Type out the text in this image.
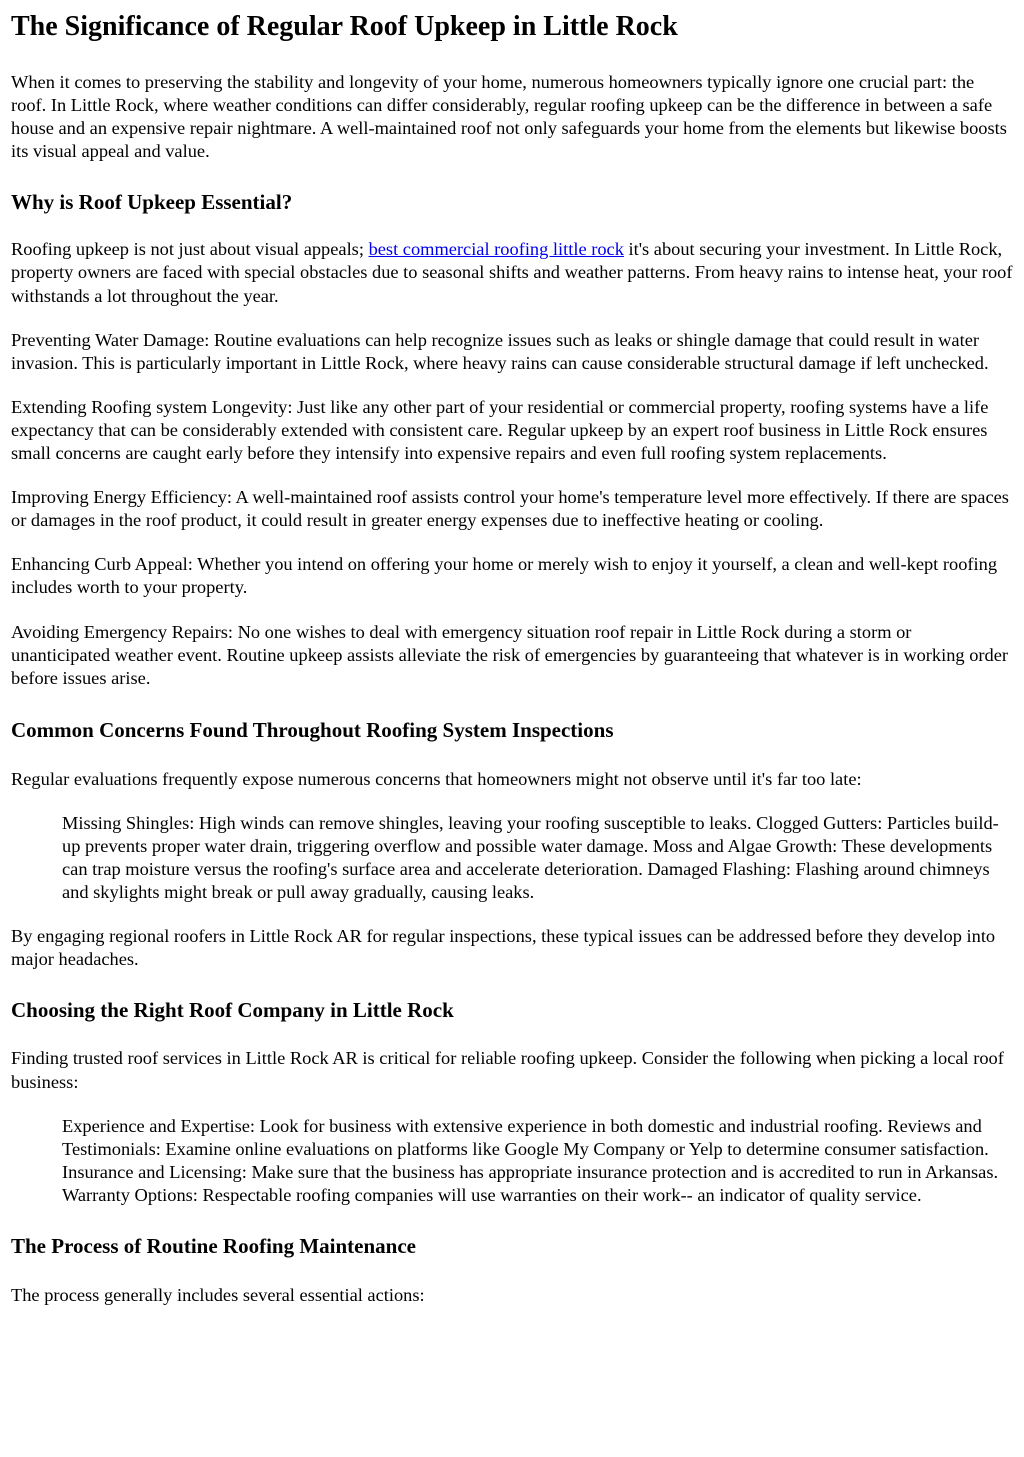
The Significance of Regular Roof Upkeep in Little Rock

When it comes to preserving the stability and longevity of your home, numerous homeowners typically ignore one crucial part: the roof. In Little Rock, where weather conditions can differ considerably, regular roofing upkeep can be the difference in between a safe house and an expensive repair nightmare. A well-maintained roof not only safeguards your home from the elements but likewise boosts its visual appeal and value.

Why is Roof Upkeep Essential?

Roofing upkeep is not just about visual appeals; best commercial roofing little rock it's about securing your investment. In Little Rock, property owners are faced with special obstacles due to seasonal shifts and weather patterns. From heavy rains to intense heat, your roof withstands a lot throughout the year.

Preventing Water Damage: Routine evaluations can help recognize issues such as leaks or shingle damage that could result in water invasion. This is particularly important in Little Rock, where heavy rains can cause considerable structural damage if left unchecked.

Extending Roofing system Longevity: Just like any other part of your residential or commercial property, roofing systems have a life expectancy that can be considerably extended with consistent care. Regular upkeep by an expert roof business in Little Rock ensures small concerns are caught early before they intensify into expensive repairs and even full roofing system replacements.

Improving Energy Efficiency: A well-maintained roof assists control your home's temperature level more effectively. If there are spaces or damages in the roof product, it could result in greater energy expenses due to ineffective heating or cooling.

Enhancing Curb Appeal: Whether you intend on offering your home or merely wish to enjoy it yourself, a clean and well-kept roofing includes worth to your property.

Avoiding Emergency Repairs: No one wishes to deal with emergency situation roof repair in Little Rock during a storm or unanticipated weather event. Routine upkeep assists alleviate the risk of emergencies by guaranteeing that whatever is in working order before issues arise.

Common Concerns Found Throughout Roofing System Inspections

Regular evaluations frequently expose numerous concerns that homeowners might not observe until it's far too late:

Missing Shingles: High winds can remove shingles, leaving your roofing susceptible to leaks. Clogged Gutters: Particles build-up prevents proper water drain, triggering overflow and possible water damage. Moss and Algae Growth: These developments can trap moisture versus the roofing's surface area and accelerate deterioration. Damaged Flashing: Flashing around chimneys and skylights might break or pull away gradually, causing leaks.

By engaging regional roofers in Little Rock AR for regular inspections, these typical issues can be addressed before they develop into major headaches.

Choosing the Right Roof Company in Little Rock

Finding trusted roof services in Little Rock AR is critical for reliable roofing upkeep. Consider the following when picking a local roof business:

Experience and Expertise: Look for business with extensive experience in both domestic and industrial roofing. Reviews and Testimonials: Examine online evaluations on platforms like Google My Company or Yelp to determine consumer satisfaction. Insurance and Licensing: Make sure that the business has appropriate insurance protection and is accredited to run in Arkansas. Warranty Options: Respectable roofing companies will use warranties on their work-- an indicator of quality service.
The Process of Routine Roofing Maintenance

The process generally includes several essential actions:
